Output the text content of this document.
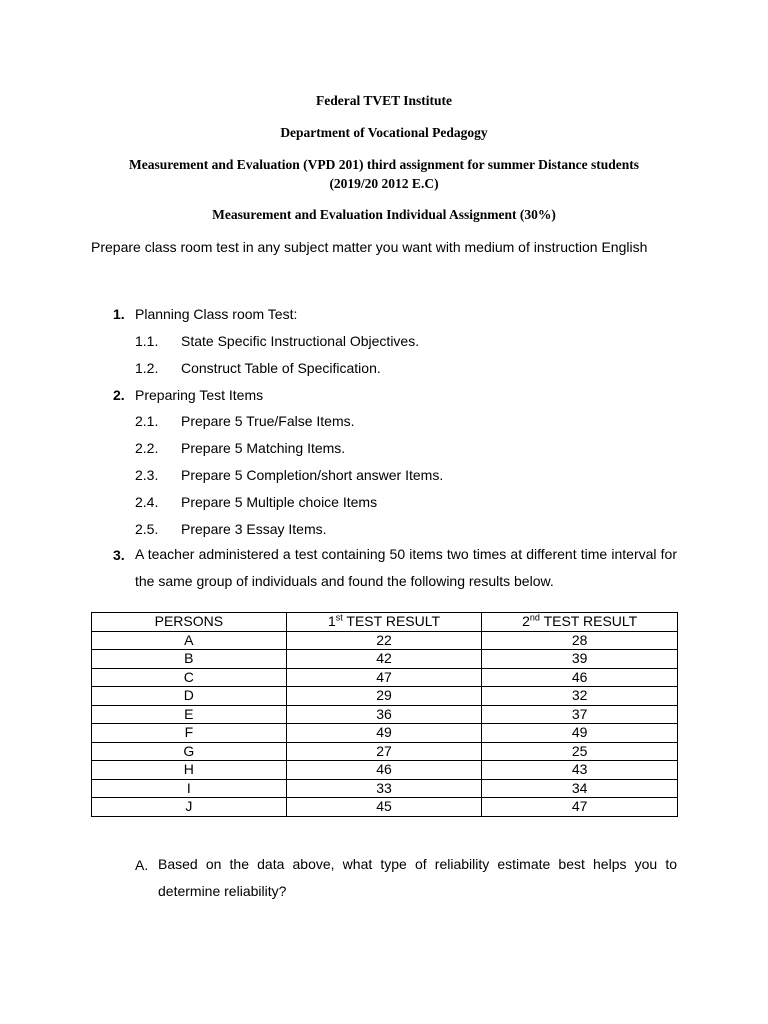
Federal TVET Institute

Department of Vocational Pedagogy

Measurement and Evaluation (VPD 201) third assignment for summer Distance students

(2019/20 2012 E.C)

Measurement and Evaluation Individual Assignment (30%)

Prepare class room test in any subject matter you want with medium of instruction English

1. Planning Class room Test:
1.1. State Specific Instructional Objectives.
1.2. Construct Table of Specification.
2. Preparing Test Items
2.1. Prepare 5 True/False Items.
2.2. Prepare 5 Matching Items.
2.3. Prepare 5 Completion/short answer Items.
2.4. Prepare 5 Multiple choice Items
2.5. Prepare 3 Essay Items.
3. A teacher administered a test containing 50 items two times at different time interval for the same group of individuals and found the following results below.

PERSONS	1st TEST RESULT	2nd TEST RESULT
A	22	28
B	42	39
C	47	46
D	29	32
E	36	37
F	49	49
G	27	25
H	46	43
I	33	34
J	45	47
A. Based on the data above, what type of reliability estimate best helps you to determine reliability?
